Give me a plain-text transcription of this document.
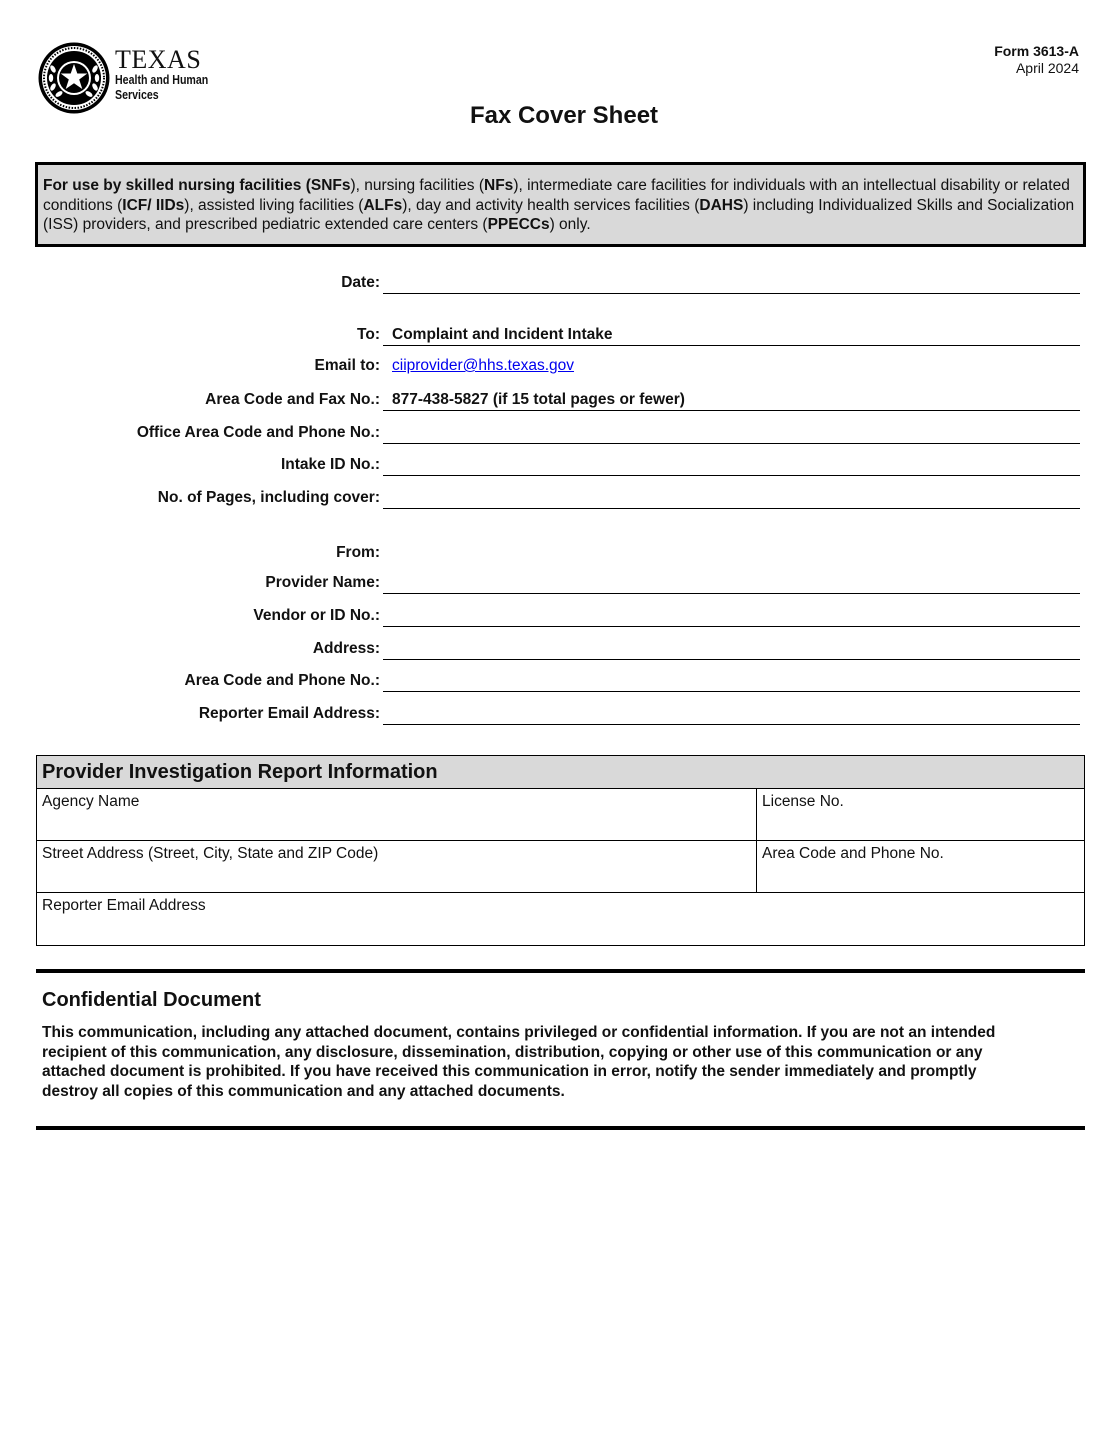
TEXAS
Health and Human
Services
Form 3613-A
April 2024
Fax Cover Sheet
For use by skilled nursing facilities (SNFs), nursing facilities (NFs), intermediate care facilities for individuals with an intellectual disability or related conditions (ICF/ IIDs), assisted living facilities (ALFs), day and activity health services facilities (DAHS) including Individualized Skills and Socialization (ISS) providers, and prescribed pediatric extended care centers (PPECCs) only.
Date:
To: Complaint and Incident Intake
Email to: ciiprovider@hhs.texas.gov
Area Code and Fax No.: 877-438-5827 (if 15 total pages or fewer)
Office Area Code and Phone No.:
Intake ID No.:
No. of Pages, including cover:
From:
Provider Name:
Vendor or ID No.:
Address:
Area Code and Phone No.:
Reporter Email Address:
Provider Investigation Report Information
Agency Name	License No.
Street Address (Street, City, State and ZIP Code)	Area Code and Phone No.
Reporter Email Address
Confidential Document
This communication, including any attached document, contains privileged or confidential information. If you are not an intended recipient of this communication, any disclosure, dissemination, distribution, copying or other use of this communication or any attached document is prohibited. If you have received this communication in error, notify the sender immediately and promptly destroy all copies of this communication and any attached documents.
